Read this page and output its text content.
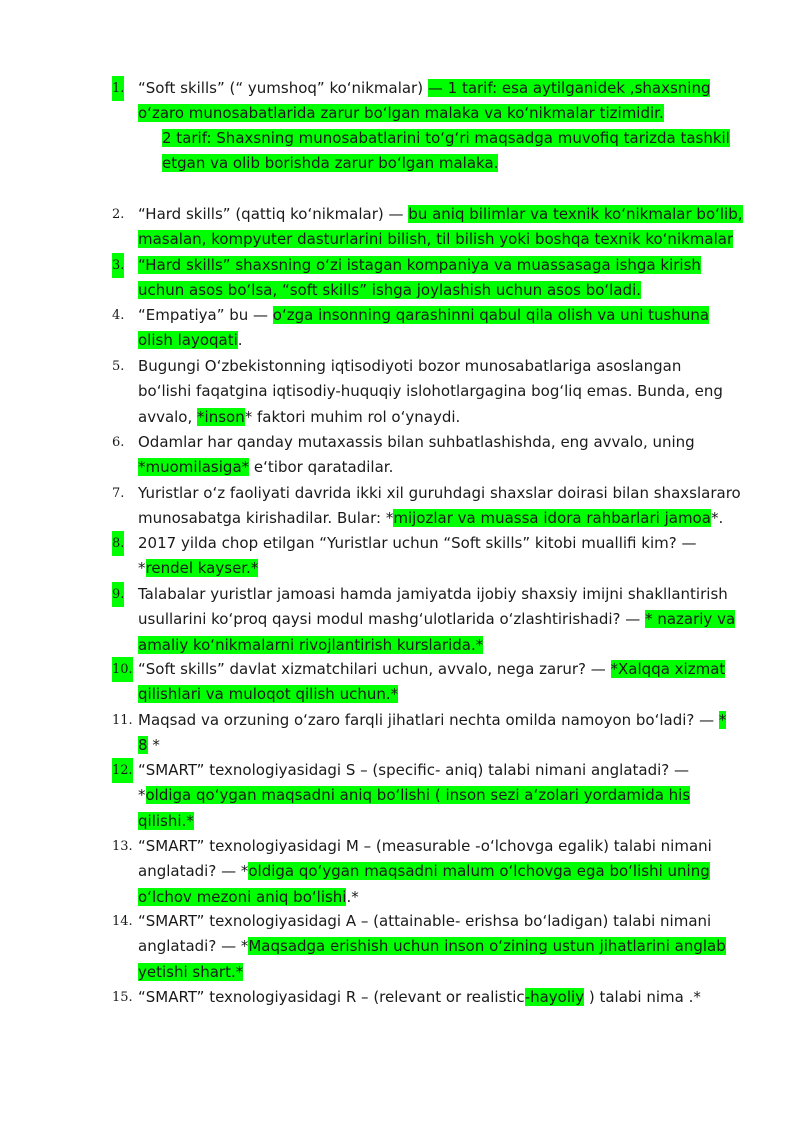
1. “Soft skills” (“ yumshoq” ko‘nikmalar) — 1 tarif: esa aytilganidek ,shaxsning
o‘zaro munosabatlarida zarur bo‘lgan malaka va ko‘nikmalar tizimidir.
2 tarif: Shaxsning munosabatlarini to‘g‘ri maqsadga muvofiq tarizda tashkil
etgan va olib borishda zarur bo‘lgan malaka.
2. “Hard skills” (qattiq ko‘nikmalar) — bu aniq bilimlar va texnik ko‘nikmalar bo‘lib,
masalan, kompyuter dasturlarini bilish, til bilish yoki boshqa texnik ko‘nikmalar
3. “Hard skills” shaxsning o‘zi istagan kompaniya va muassasaga ishga kirish
uchun asos bo‘lsa, “soft skills” ishga joylashish uchun asos bo‘ladi.
4. “Empatiya” bu — o‘zga insonning qarashinni qabul qila olish va uni tushuna
olish layoqati.
5. Bugungi O‘zbekistonning iqtisodiyoti bozor munosabatlariga asoslangan
bo‘lishi faqatgina iqtisodiy-huquqiy islohotlargagina bog‘liq emas. Bunda, eng
avvalo, *inson* faktori muhim rol o‘ynaydi.
6. Odamlar har qanday mutaxassis bilan suhbatlashishda, eng avvalo, uning
*muomilasiga* e‘tibor qaratadilar.
7. Yuristlar o‘z faoliyati davrida ikki xil guruhdagi shaxslar doirasi bilan shaxslararo
munosabatga kirishadilar. Bular: *mijozlar va muassa idora rahbarlari jamoa*.
8. 2017 yilda chop etilgan “Yuristlar uchun “Soft skills” kitobi muallifi kim? —
*rendel kayser.*
9. Talabalar yuristlar jamoasi hamda jamiyatda ijobiy shaxsiy imijni shakllantirish
usullarini ko‘proq qaysi modul mashg‘ulotlarida o‘zlashtirishadi? — * nazariy va
amaliy ko‘nikmalarni rivojlantirish kurslarida.*
10. “Soft skills” davlat xizmatchilari uchun, avvalo, nega zarur? — *Xalqqa xizmat
qilishlari va muloqot qilish uchun.*
11. Maqsad va orzuning o‘zaro farqli jihatlari nechta omilda namoyon bo‘ladi? — *
8 *
12. “SMART” texnologiyasidagi S – (specific- aniq) talabi nimani anglatadi? —
*oldiga qo‘ygan maqsadni aniq bo‘lishi ( inson sezi a‘zolari yordamida his
qilishi.*
13. “SMART” texnologiyasidagi M – (measurable -o‘lchovga egalik) talabi nimani
anglatadi? — *oldiga qo‘ygan maqsadni malum o‘lchovga ega bo‘lishi uning
o‘lchov mezoni aniq bo‘lishi.*
14. “SMART” texnologiyasidagi A – (attainable- erishsa bo‘ladigan) talabi nimani
anglatadi? — *Maqsadga erishish uchun inson o‘zining ustun jihatlarini anglab
yetishi shart.*
15. “SMART” texnologiyasidagi R – (relevant or realistic-hayoliy ) talabi nima .*
